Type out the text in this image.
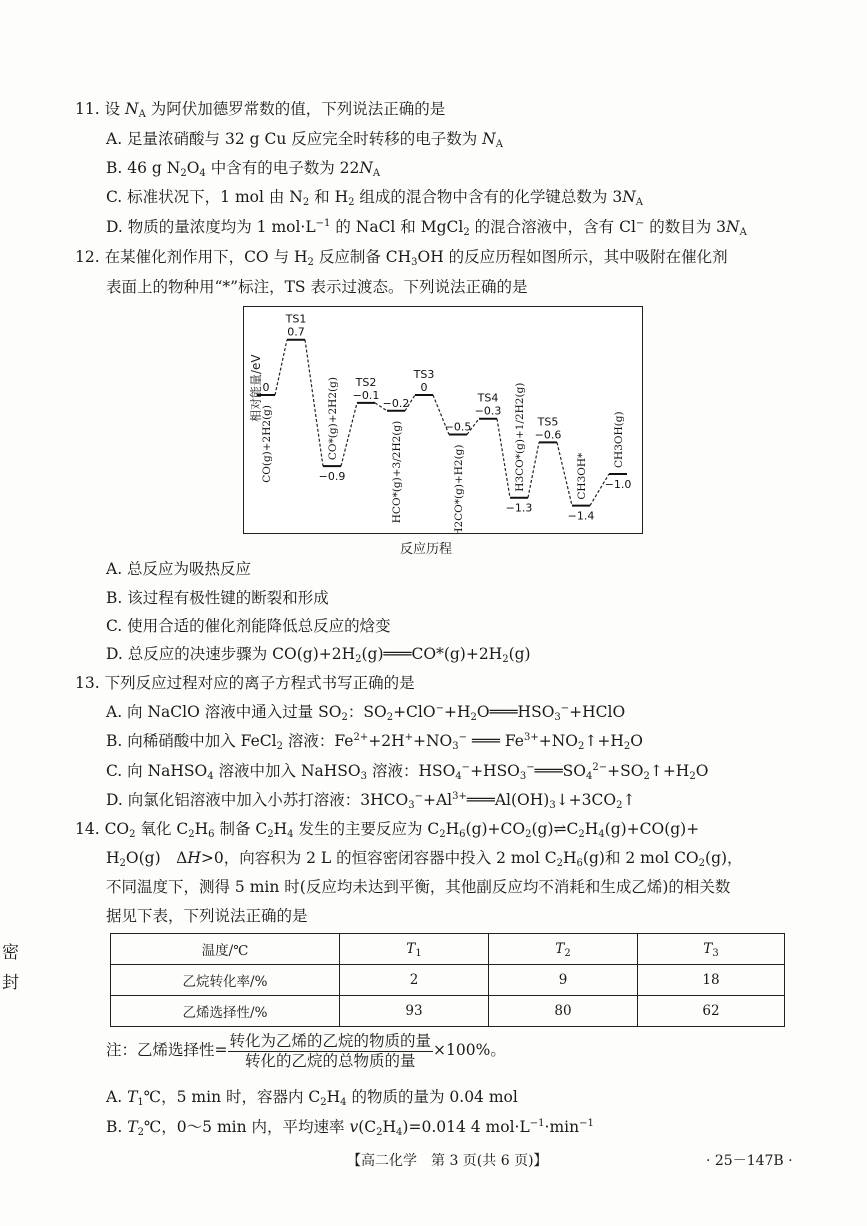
11. 设 $N_A$ 为阿伏加德罗常数的值，下列说法正确的是
A. 足量浓硝酸与 32 g Cu 反应完全时转移的电子数为 $N_A$
B. 46 g $N_2O_4$ 中含有的电子数为 $22N_A$
C. 标准状况下，1 mol 由 $N_2$ 和 $H_2$ 组成的混合物中含有的化学键总数为 $3N_A$
D. 物质的量浓度均为 1 $mol\cdot L^{-1}$ 的 NaCl 和 MgCl$_2$ 的混合溶液中，含有 Cl− 的数目为 $3N_A$
12. 在某催化剂作用下，CO 与 $H_2$ 反应制备 $CH_3OH$ 的反应历程如图所示，其中吸附在催化剂
表面上的物种用“*”标注，TS 表示过渡态。下列说法正确的是
相对能量/eV 0
CO(g)+2H2(g)
0.7
TS1
−0.9
CO*(g)+2H2(g) −0.1
TS2
−0.2
HCO*(g)+3/2H2(g)
0
TS3
−0.5
H2CO*(g)+H2(g)
−0.3
TS4
−1.3
H3CO*(g)+1/2H2(g) −0.6
TS5
−1.4
CH3OH* −1.0
CH3OH(g)
反应历程
A. 总反应为吸热反应
B. 该过程有极性键的断裂和形成
C. 使用合适的催化剂能降低总反应的焓变
D. 总反应的决速步骤为 $CO(g)+2H_2(g)═══CO*(g)+2H_2(g)$
13. 下列反应过程对应的离子方程式书写正确的是
A. 向 NaClO 溶液中通入过量 $SO_2$：$SO_2+ClO^-+H_2O═══HSO_3^-+HClO$
B. 向稀硝酸中加入 FeCl$_2$ 溶液：$Fe^{2+}+2H^++NO_3^-$ ═══ $Fe^{3+}+NO_2↑+H_2O$
C. 向 NaHSO$_4$ 溶液中加入 NaHSO$_3$ 溶液：$HSO_4^-+HSO_3^-═══SO_4^{2-}+SO_2↑+H_2O$
D. 向氯化铝溶液中加入小苏打溶液：$3HCO_3^-+Al^{3+}═══Al(OH)_3↓+3CO_2↑$
14. $CO_2$ 氧化 $C_2H_6$ 制备 $C_2H_4$ 发生的主要反应为 $C_2H_6(g)+CO_2(g)\rightleftharpoons C_2H_4(g)+CO(g)+$
$H_2O(g)$　ΔH>0，向容积为 2 L 的恒容密闭容器中投入 2 mol $C_2H_6(g)$和 2 mol $CO_2(g)$，
不同温度下，测得 5 min 时(反应均未达到平衡，其他副反应均不消耗和生成乙烯)的相关数
据见下表，下列说法正确的是
温度/℃	$T_1$	$T_2$	$T_3$
乙烷转化率/%	2	9	18
乙烯选择性/%	93	80	62
注：乙烯选择性= $\frac{\text{转化为乙烯的乙烷的物质的量}}{\text{转化的乙烷的总物质的量}} \times 100\%$。
A. $T_1℃$，5 min 时，容器内 $C_2H_4$ 的物质的量为 0.04 mol
B. $T_2℃$，0～5 min 内，平均速率 $v(C_2H_4)=0.014$ 4 $mol\cdot L^{-1}\cdot\min^{-1}$
密
封
【高二化学　第 3 页(共 6 页)】	· 25－147B ·
